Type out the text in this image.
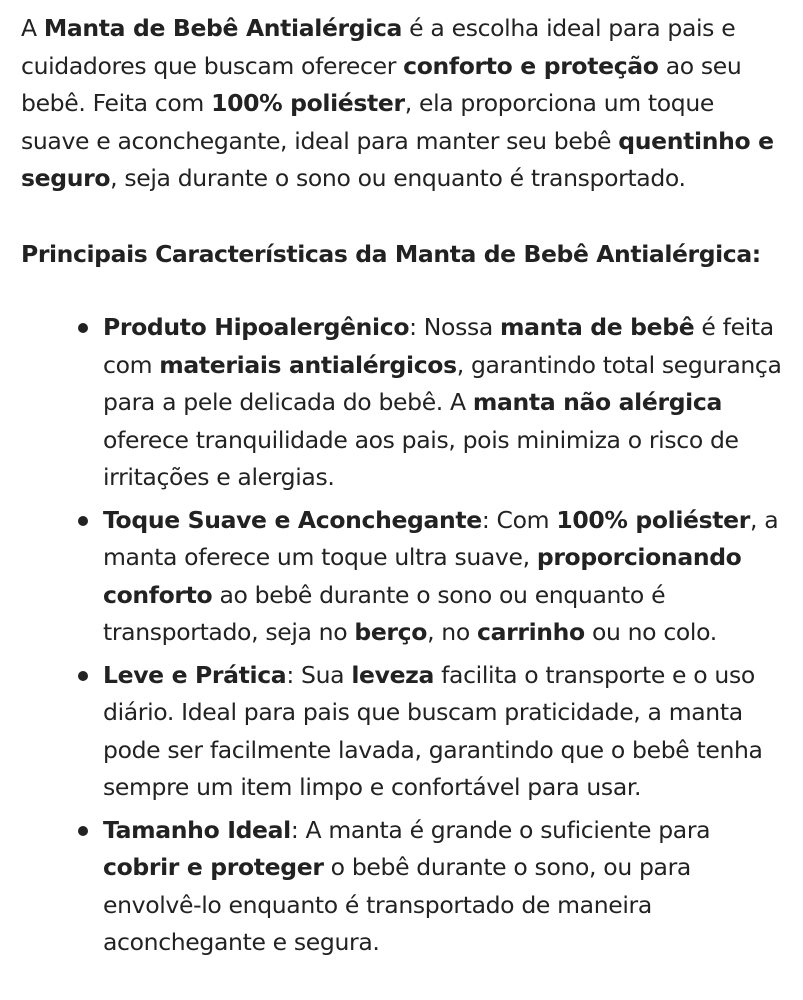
A Manta de Bebê Antialérgica é a escolha ideal para pais e cuidadores que buscam oferecer conforto e proteção ao seu bebê. Feita com 100% poliéster, ela proporciona um toque suave e aconchegante, ideal para manter seu bebê quentinho e seguro, seja durante o sono ou enquanto é transportado.

Principais Características da Manta de Bebê Antialérgica:
Produto Hipoalergênico: Nossa manta de bebê é feita com materiais antialérgicos, garantindo total segurança para a pele delicada do bebê. A manta não alérgica oferece tranquilidade aos pais, pois minimiza o risco de irritações e alergias.
Toque Suave e Aconchegante: Com 100% poliéster, a manta oferece um toque ultra suave, proporcionando conforto ao bebê durante o sono ou enquanto é transportado, seja no berço, no carrinho ou no colo.
Leve e Prática: Sua leveza facilita o transporte e o uso diário. Ideal para pais que buscam praticidade, a manta pode ser facilmente lavada, garantindo que o bebê tenha sempre um item limpo e confortável para usar.
Tamanho Ideal: A manta é grande o suficiente para cobrir e proteger o bebê durante o sono, ou para envolvê-lo enquanto é transportado de maneira aconchegante e segura.
